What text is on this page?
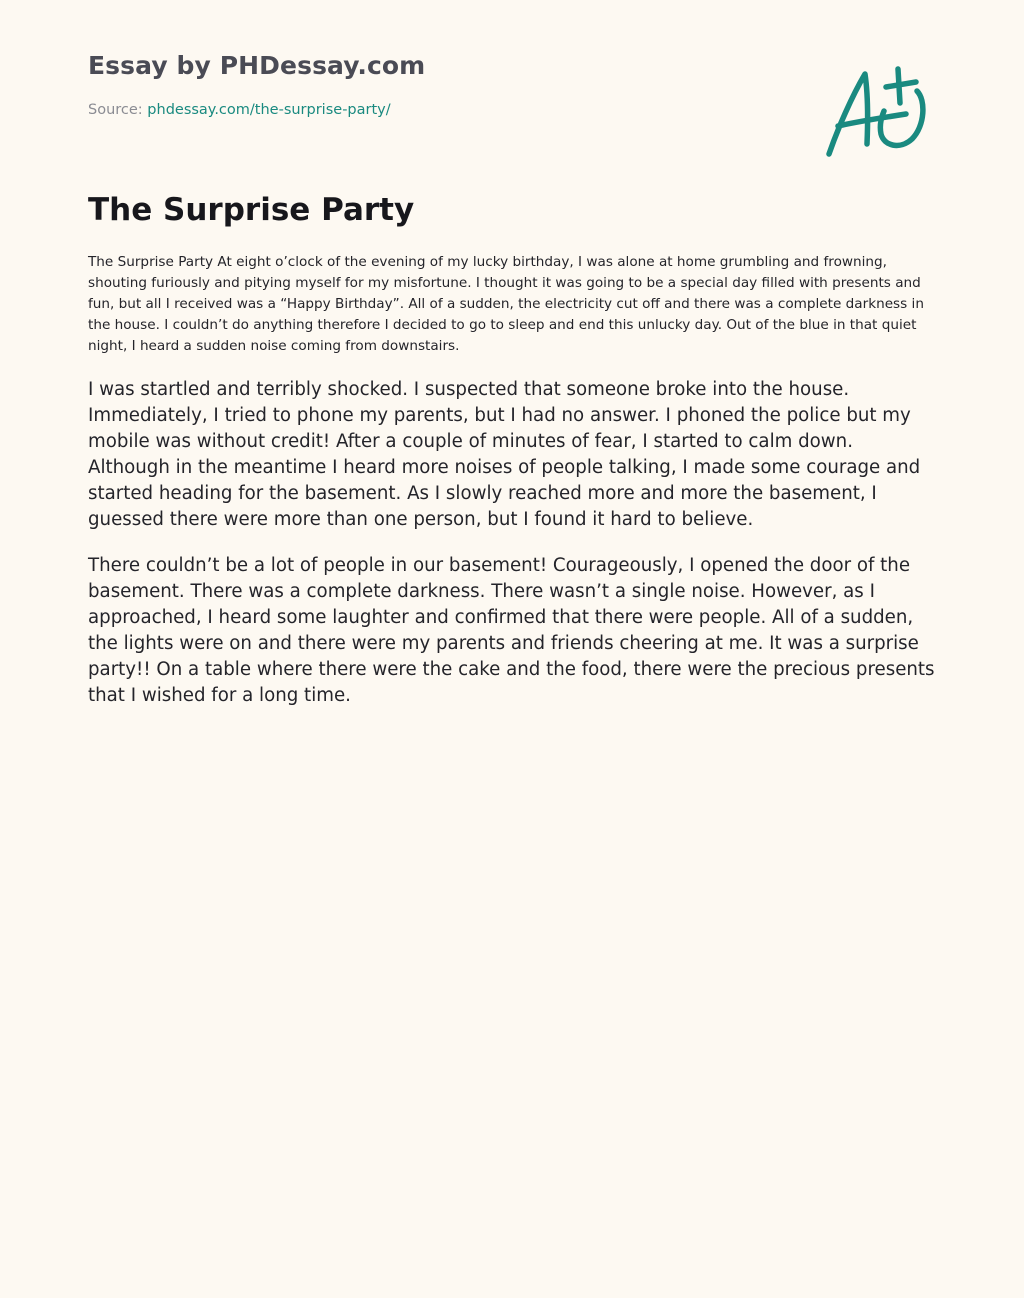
Essay by PHDessay.com
Source: phdessay.com/the-surprise-party/
The Surprise Party

The Surprise Party At eight o’clock of the evening of my lucky birthday, I was alone at home grumbling and frowning, shouting furiously and pitying myself for my misfortune. I thought it was going to be a special day filled with presents and fun, but all I received was a “Happy Birthday”. All of a sudden, the electricity cut off and there was a complete darkness in the house. I couldn’t do anything therefore I decided to go to sleep and end this unlucky day. Out of the blue in that quiet night, I heard a sudden noise coming from downstairs.

I was startled and terribly shocked. I suspected that someone broke into the house. Immediately, I tried to phone my parents, but I had no answer. I phoned the police but my mobile was without credit! After a couple of minutes of fear, I started to calm down. Although in the meantime I heard more noises of people talking, I made some courage and started heading for the basement. As I slowly reached more and more the basement, I guessed there were more than one person, but I found it hard to believe.

There couldn’t be a lot of people in our basement! Courageously, I opened the door of the basement. There was a complete darkness. There wasn’t a single noise. However, as I approached, I heard some laughter and confirmed that there were people. All of a sudden, the lights were on and there were my parents and friends cheering at me. It was a surprise party!! On a table where there were the cake and the food, there were the precious presents that I wished for a long time.
